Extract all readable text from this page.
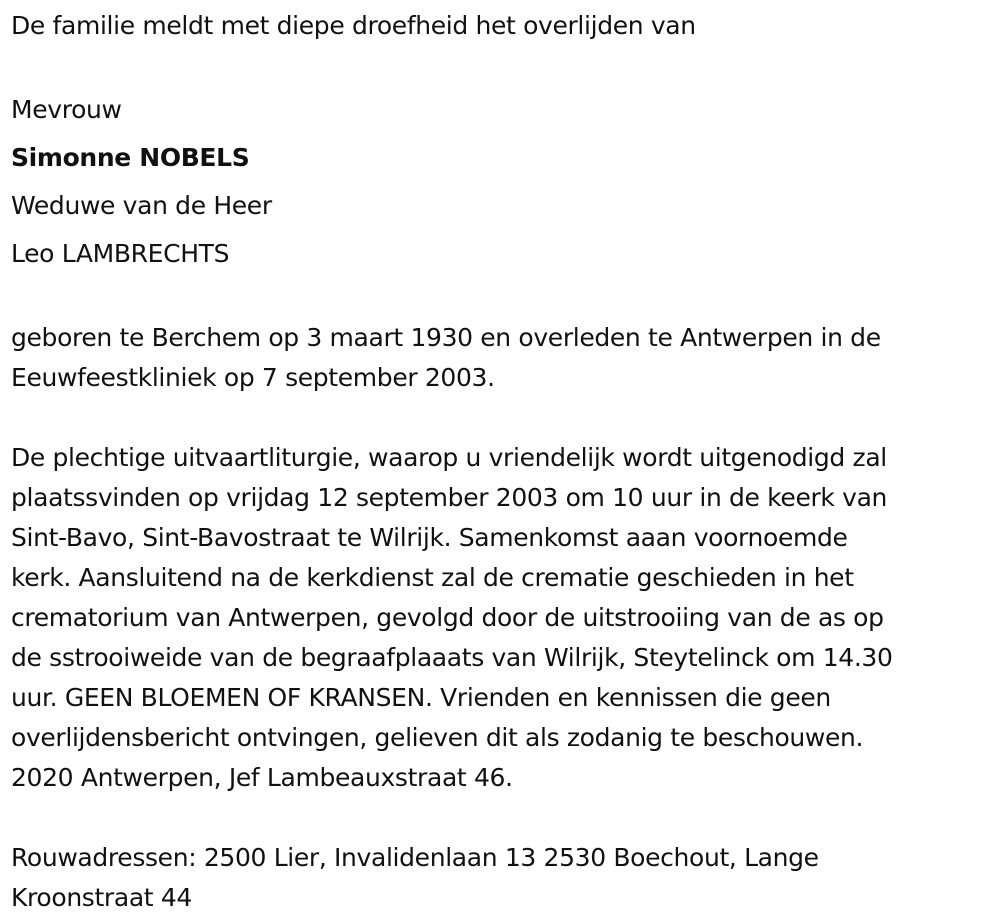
De familie meldt met diepe droefheid het overlijden van
Mevrouw
Simonne NOBELS
Weduwe van de Heer
Leo LAMBRECHTS
geboren te Berchem op 3 maart 1930 en overleden te Antwerpen in de
Eeuwfeestkliniek op 7 september 2003.
De plechtige uitvaartliturgie, waarop u vriendelijk wordt uitgenodigd zal
plaatssvinden op vrijdag 12 september 2003 om 10 uur in de keerk van
Sint-Bavo, Sint-Bavostraat te Wilrijk. Samenkomst aaan voornoemde
kerk. Aansluitend na de kerkdienst zal de crematie geschieden in het
crematorium van Antwerpen, gevolgd door de uitstrooiing van de as op
de sstrooiweide van de begraafplaaats van Wilrijk, Steytelinck om 14.30
uur. GEEN BLOEMEN OF KRANSEN. Vrienden en kennissen die geen
overlijdensbericht ontvingen, gelieven dit als zodanig te beschouwen.
2020 Antwerpen, Jef Lambeauxstraat 46.
Rouwadressen: 2500 Lier, Invalidenlaan 13 2530 Boechout, Lange
Kroonstraat 44
